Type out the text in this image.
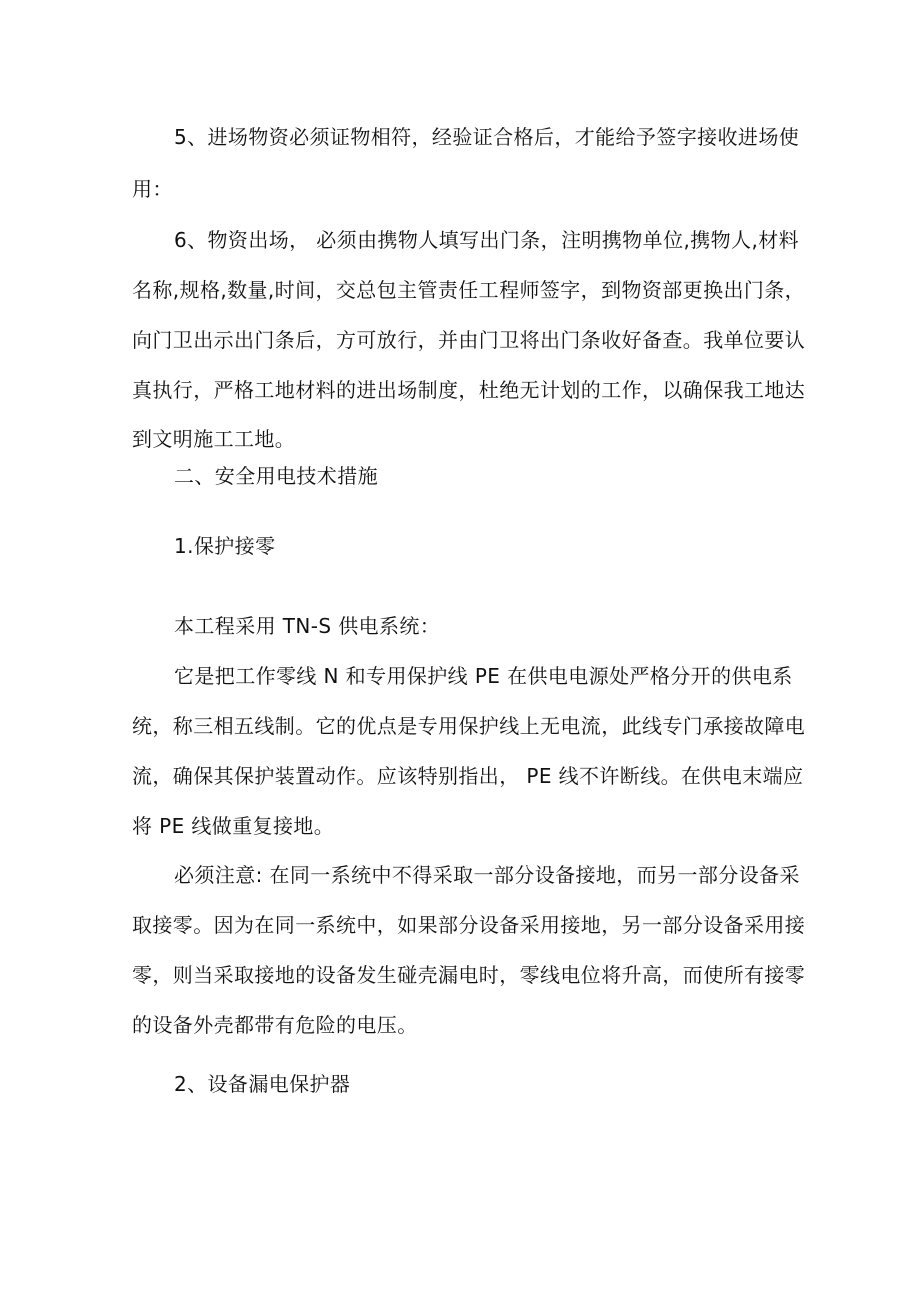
5、进场物资必须证物相符，经验证合格后，才能给予签字接收进场使
用：
6、物资出场， 必须由携物人填写出门条，注明携物单位,携物人,材料
名称,规格,数量,时间，交总包主管责任工程师签字，到物资部更换出门条，
向门卫出示出门条后，方可放行，并由门卫将出门条收好备查。我单位要认
真执行，严格工地材料的进出场制度，杜绝无计划的工作，以确保我工地达
到文明施工工地。
二、安全用电技术措施
1.保护接零
本工程采用 TN-S 供电系统：
它是把工作零线 N 和专用保护线 PE 在供电电源处严格分开的供电系
统，称三相五线制。它的优点是专用保护线上无电流，此线专门承接故障电
流，确保其保护装置动作。应该特别指出， PE 线不许断线。在供电末端应
将 PE 线做重复接地。
必须注意: 在同一系统中不得采取一部分设备接地，而另一部分设备采
取接零。因为在同一系统中，如果部分设备采用接地，另一部分设备采用接
零，则当采取接地的设备发生碰壳漏电时，零线电位将升高，而使所有接零
的设备外壳都带有危险的电压。
2、设备漏电保护器
